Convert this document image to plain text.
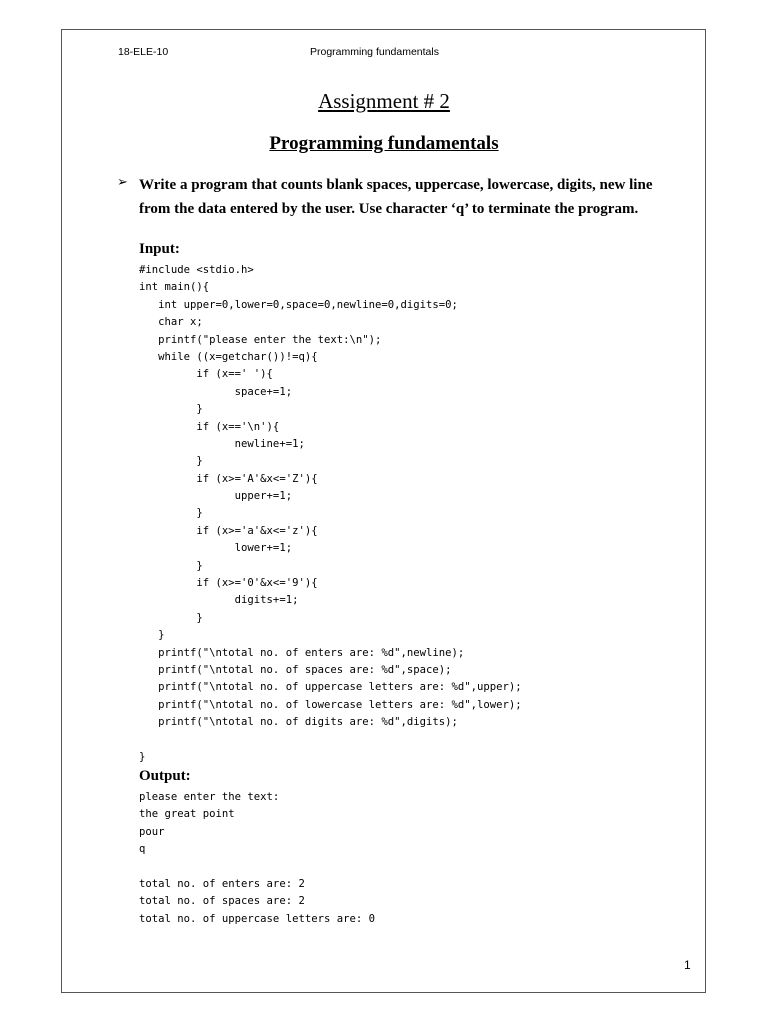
18-ELE-10	Programming fundamentals
Assignment # 2
Programming fundamentals
➢ Write a program that counts blank spaces, uppercase, lowercase, digits, new line from the data entered by the user. Use character ‘q’ to terminate the program.
Input:
#include <stdio.h>
int main(){
int upper=0,lower=0,space=0,newline=0,digits=0;
char x;
printf("please enter the text:\n");
while ((x=getchar())!=q){
if (x==' '){
space+=1;
}
if (x=='\n'){
newline+=1;
}
if (x>='A'&x<='Z'){
upper+=1;
}
if (x>='a'&x<='z'){
lower+=1;
}
if (x>='0'&x<='9'){
digits+=1;
}
}
printf("\ntotal no. of enters are: %d",newline);
printf("\ntotal no. of spaces are: %d",space);
printf("\ntotal no. of uppercase letters are: %d",upper);
printf("\ntotal no. of lowercase letters are: %d",lower);
printf("\ntotal no. of digits are: %d",digits);
}
Output:
please enter the text:
the great point
pour
q
total no. of enters are: 2
total no. of spaces are: 2
total no. of uppercase letters are: 0
1
